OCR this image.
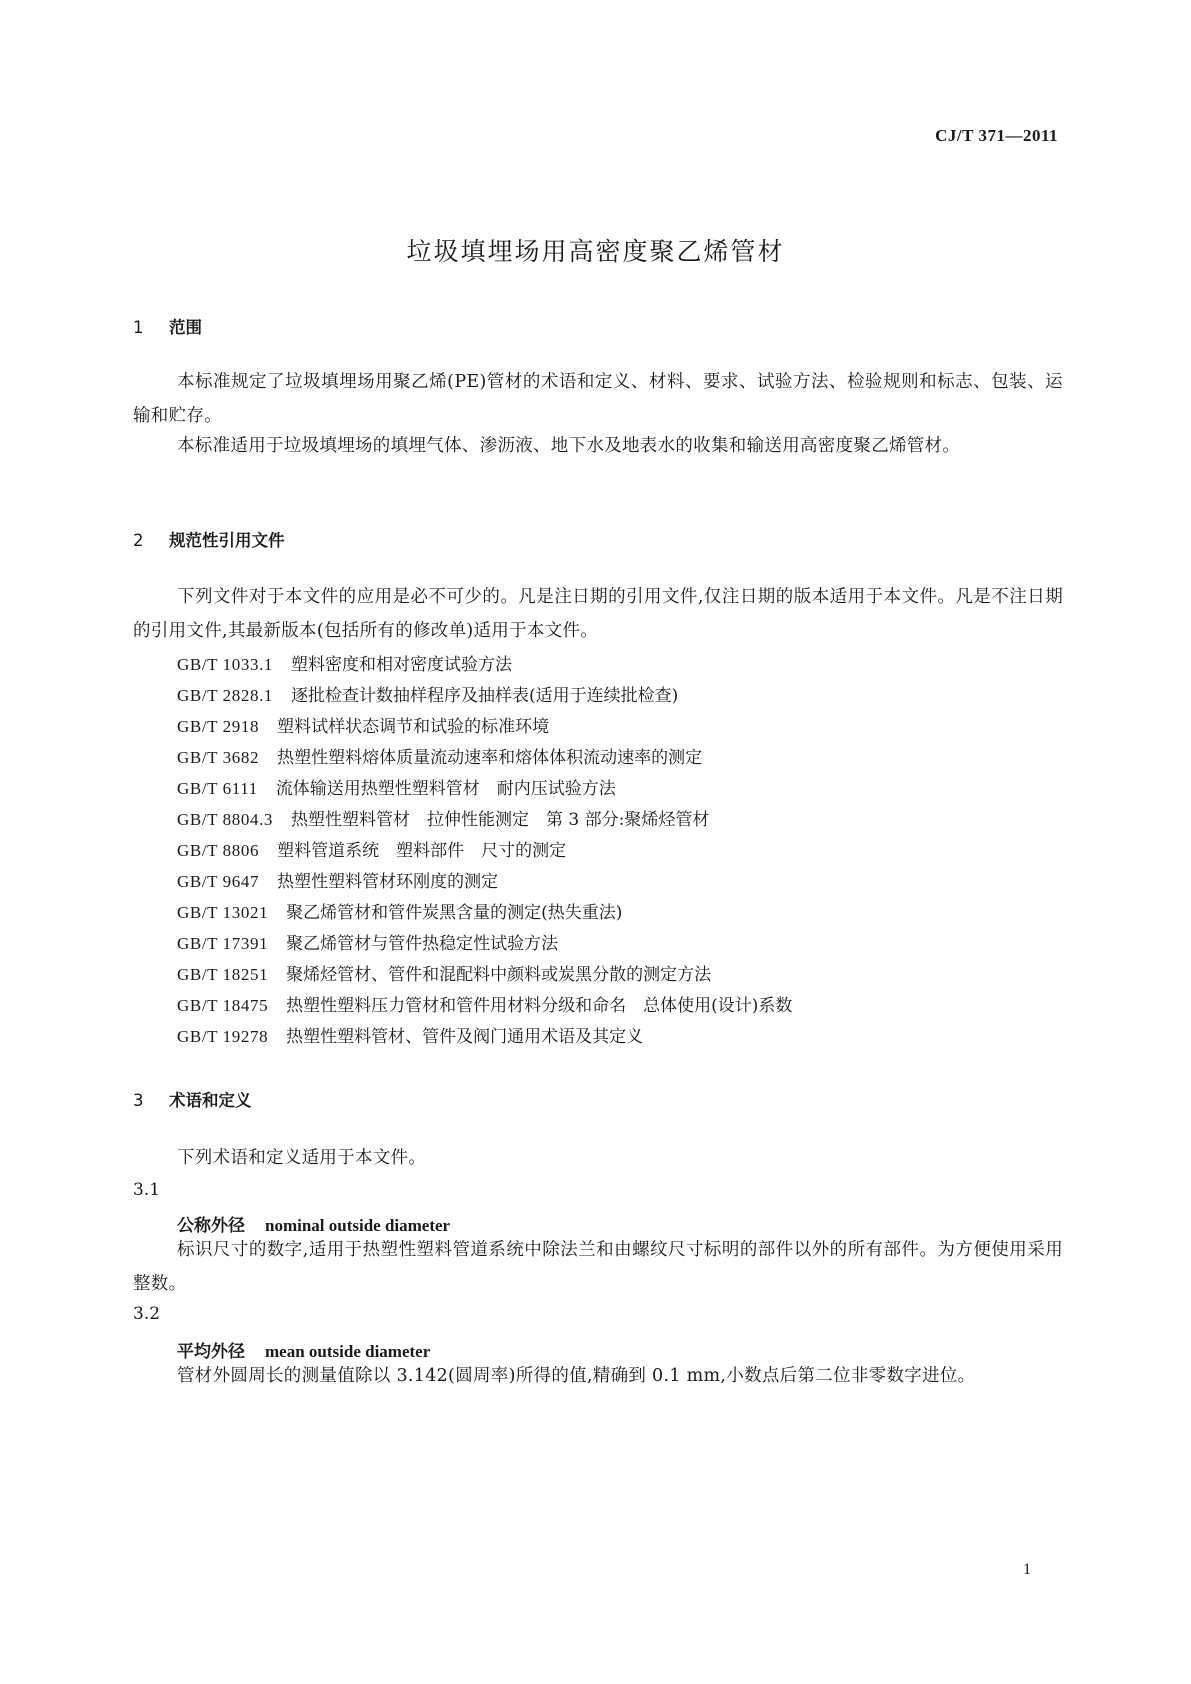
CJ/T 371—2011
垃圾填埋场用高密度聚乙烯管材
1 范围
本标准规定了垃圾填埋场用聚乙烯(PE)管材的术语和定义、材料、要求、试验方法、检验规则和标志、包装、运输和贮存。
本标准适用于垃圾填埋场的填埋气体、渗沥液、地下水及地表水的收集和输送用高密度聚乙烯管材。
2 规范性引用文件
下列文件对于本文件的应用是必不可少的。凡是注日期的引用文件,仅注日期的版本适用于本文件。凡是不注日期的引用文件,其最新版本(包括所有的修改单)适用于本文件。
GB/T 1033.1 塑料密度和相对密度试验方法
GB/T 2828.1 逐批检查计数抽样程序及抽样表(适用于连续批检查)
GB/T 2918 塑料试样状态调节和试验的标准环境
GB/T 3682 热塑性塑料熔体质量流动速率和熔体体积流动速率的测定
GB/T 6111 流体输送用热塑性塑料管材　耐内压试验方法
GB/T 8804.3 热塑性塑料管材　拉伸性能测定　第 3 部分:聚烯烃管材
GB/T 8806 塑料管道系统　塑料部件　尺寸的测定
GB/T 9647 热塑性塑料管材环刚度的测定
GB/T 13021 聚乙烯管材和管件炭黑含量的测定(热失重法)
GB/T 17391 聚乙烯管材与管件热稳定性试验方法
GB/T 18251 聚烯烃管材、管件和混配料中颜料或炭黑分散的测定方法
GB/T 18475 热塑性塑料压力管材和管件用材料分级和命名　总体使用(设计)系数
GB/T 19278 热塑性塑料管材、管件及阀门通用术语及其定义
3 术语和定义
下列术语和定义适用于本文件。
3.1
公称外径 nominal outside diameter
标识尺寸的数字,适用于热塑性塑料管道系统中除法兰和由螺纹尺寸标明的部件以外的所有部件。为方便使用采用整数。
3.2
平均外径 mean outside diameter
管材外圆周长的测量值除以 3.142(圆周率)所得的值,精确到 0.1 mm,小数点后第二位非零数字进位。
1
